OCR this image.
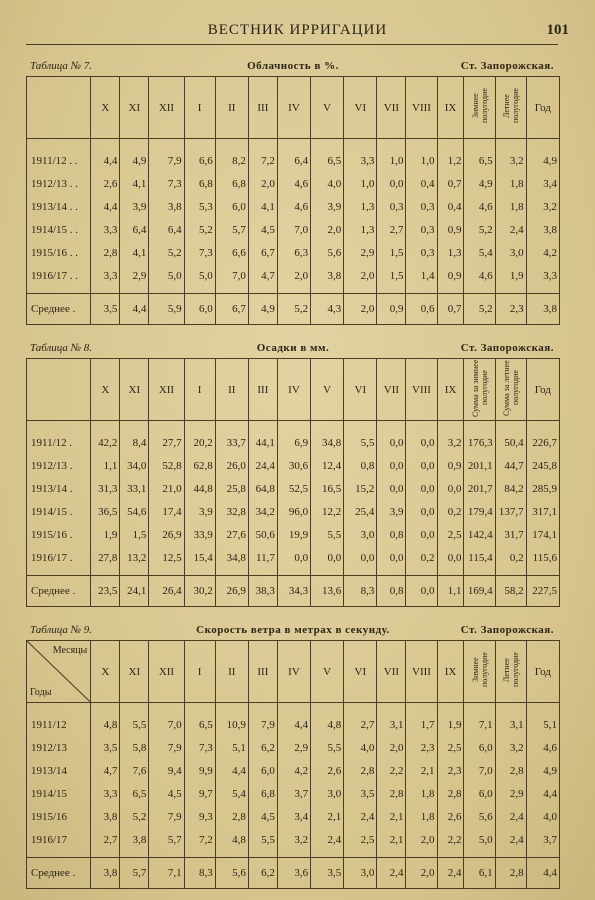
ВЕСТНИК ИРРИГАЦИИ	101
Таблица № 7.	Облачность в %.	Ст. Запорожская.
	X	XI	XII	I	II	III	IV	V	VI	VII	VIII	IX	Зимнее полугодие	Летнее полугодие	Год
1911/12 . .	4,4	4,9	7,9	6,6	8,2	7,2	6,4	6,5	3,3	1,0	1,0	1,2	6,5	3,2	4,9
1912/13 . .	2,6	4,1	7,3	6,8	6,8	2,0	4,6	4,0	1,0	0,0	0,4	0,7	4,9	1,8	3,4
1913/14 . .	4,4	3,9	3,8	5,3	6,0	4,1	4,6	3,9	1,3	0,3	0,3	0,4	4,6	1,8	3,2
1914/15 . .	3,3	6,4	6,4	5,2	5,7	4,5	7,0	2,0	1,3	2,7	0,3	0,9	5,2	2,4	3,8
1915/16 . .	2,8	4,1	5,2	7,3	6,6	6,7	6,3	5,6	2,9	1,5	0,3	1,3	5,4	3,0	4,2
1916/17 . .	3,3	2,9	5,0	5,0	7,0	4,7	2,0	3,8	2,0	1,5	1,4	0,9	4,6	1,9	3,3
Среднее .	3,5	4,4	5,9	6,0	6,7	4,9	5,2	4,3	2,0	0,9	0,6	0,7	5,2	2,3	3,8
Таблица № 8.	Осадки в мм.	Ст. Запорожская.
	X	XI	XII	I	II	III	IV	V	VI	VII	VIII	IX	Сумма за зимнее полугодие	Сумма за летнее полугодие	Год
1911/12 .	42,2	8,4	27,7	20,2	33,7	44,1	6,9	34,8	5,5	0,0	0,0	3,2	176,3	50,4	226,7
1912/13 .	1,1	34,0	52,8	62,8	26,0	24,4	30,6	12,4	0,8	0,0	0,0	0,9	201,1	44,7	245,8
1913/14 .	31,3	33,1	21,0	44,8	25,8	64,8	52,5	16,5	15,2	0,0	0,0	0,0	201,7	84,2	285,9
1914/15 .	36,5	54,6	17,4	3,9	32,8	34,2	96,0	12,2	25,4	3,9	0,0	0,2	179,4	137,7	317,1
1915/16 .	1,9	1,5	26,9	33,9	27,6	50,6	19,9	5,5	3,0	0,8	0,0	2,5	142,4	31,7	174,1
1916/17 .	27,8	13,2	12,5	15,4	34,8	11,7	0,0	0,0	0,0	0,0	0,2	0,0	115,4	0,2	115,6
Среднее .	23,5	24,1	26,4	30,2	26,9	38,3	34,3	13,6	8,3	0,8	0,0	1,1	169,4	58,2	227,5
Таблица № 9.	Скорость ветра в метрах в секунду.	Ст. Запорожская.
Месяцы
Годы	X	XI	XII	I	II	III	IV	V	VI	VII	VIII	IX	Зимнее полугодие	Летнее полугодие	Год
1911/12	4,8	5,5	7,0	6,5	10,9	7,9	4,4	4,8	2,7	3,1	1,7	1,9	7,1	3,1	5,1
1912/13	3,5	5,8	7,9	7,3	5,1	6,2	2,9	5,5	4,0	2,0	2,3	2,5	6,0	3,2	4,6
1913/14	4,7	7,6	9,4	9,9	4,4	6,0	4,2	2,6	2,8	2,2	2,1	2,3	7,0	2,8	4,9
1914/15	3,3	6,5	4,5	9,7	5,4	6,8	3,7	3,0	3,5	2,8	1,8	2,8	6,0	2,9	4,4
1915/16	3,8	5,2	7,9	9,3	2,8	4,5	3,4	2,1	2,4	2,1	1,8	2,6	5,6	2,4	4,0
1916/17	2,7	3,8	5,7	7,2	4,8	5,5	3,2	2,4	2,5	2,1	2,0	2,2	5,0	2,4	3,7
Среднее .	3,8	5,7	7,1	8,3	5,6	6,2	3,6	3,5	3,0	2,4	2,0	2,4	6,1	2,8	4,4
